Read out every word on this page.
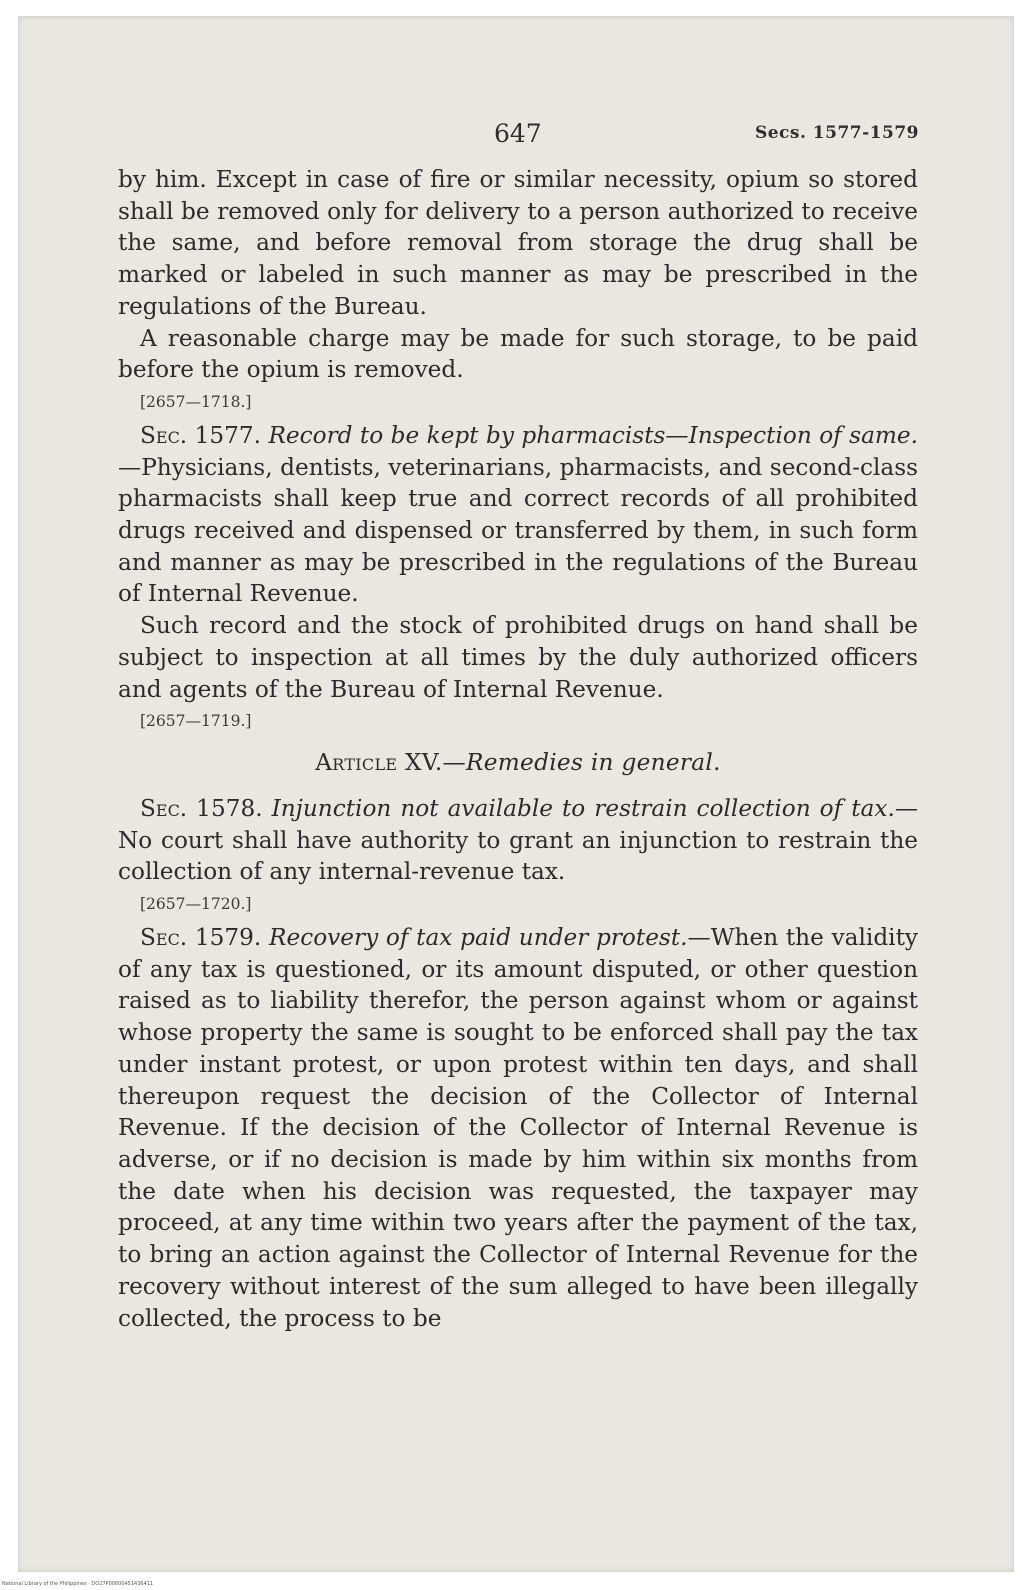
647	Secs. 1577-1579

by him. Except in case of fire or similar necessity, opium so stored shall be removed only for delivery to a person authorized to receive the same, and before removal from storage the drug shall be marked or labeled in such manner as may be prescribed in the regulations of the Bureau.

A reasonable charge may be made for such storage, to be paid before the opium is removed.

[2657—1718.]

Sec. 1577. Record to be kept by pharmacists—Inspection of same.—Physicians, dentists, veterinarians, pharmacists, and second-class pharmacists shall keep true and correct records of all prohibited drugs received and dispensed or transferred by them, in such form and manner as may be prescribed in the regulations of the Bureau of Internal Revenue.

Such record and the stock of prohibited drugs on hand shall be subject to inspection at all times by the duly authorized officers and agents of the Bureau of Internal Revenue.

[2657—1719.]

Article XV.—Remedies in general.

Sec. 1578. Injunction not available to restrain collection of tax.—No court shall have authority to grant an injunction to restrain the collection of any internal-revenue tax.

[2657—1720.]

Sec. 1579. Recovery of tax paid under protest.—When the validity of any tax is questioned, or its amount disputed, or other question raised as to liability therefor, the person against whom or against whose property the same is sought to be enforced shall pay the tax under instant protest, or upon protest within ten days, and shall thereupon request the decision of the Collector of Internal Revenue. If the decision of the Collector of Internal Revenue is adverse, or if no decision is made by him within six months from the date when his decision was requested, the taxpayer may proceed, at any time within two years after the payment of the tax, to bring an action against the Collector of Internal Revenue for the recovery without interest of the sum alleged to have been illegally collected, the process to be

National Library of the Philippines · DO27P00000451436411
